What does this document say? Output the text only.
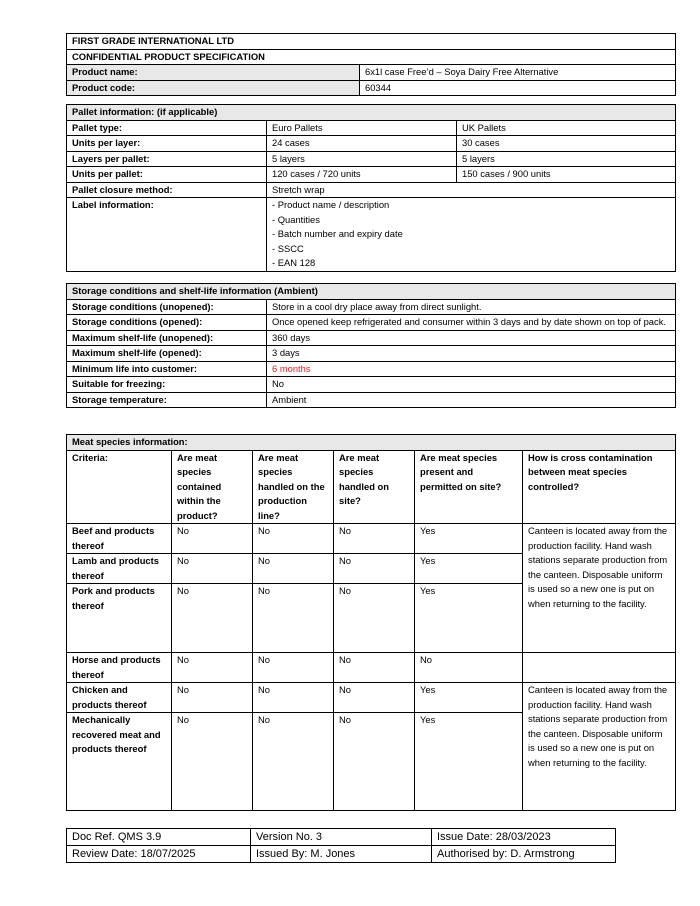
FIRST GRADE INTERNATIONAL LTD	
CONFIDENTIAL PRODUCT SPECIFICATION	
Product name:	6x1l case Free’d – Soya Dairy Free Alternative
Product code:	60344
Pallet information: (if applicable)		
Pallet type:	Euro Pallets	UK Pallets
Units per layer:	24 cases	30 cases
Layers per pallet:	5 layers	5 layers
Units per pallet:	120 cases / 720 units	150 cases / 900 units
Pallet closure method:	Stretch wrap	
Label information:	- Product name / description
- Quantities
- Batch number and expiry date
- SSCC
- EAN 128	
Storage conditions and shelf-life information (Ambient)	
Storage conditions (unopened):	Store in a cool dry place away from direct sunlight.
Storage conditions (opened):	Once opened keep refrigerated and consumer within 3 days and by date shown on top of pack.
Maximum shelf-life (unopened):	360 days
Maximum shelf-life (opened):	3 days
Minimum life into customer:	6 months
Suitable for freezing:	No
Storage temperature:	Ambient
Meat species information:					
Criteria:	Are meat species contained within the product?	Are meat species handled on the production line?	Are meat species handled on site?	Are meat species present and permitted on site?	How is cross contamination between meat species controlled?
Beef and products thereof	No	No	No	Yes	Canteen is located away from the production facility. Hand wash stations separate production from the canteen. Disposable uniform is used so a new one is put on when returning to the facility.
Lamb and products thereof	No	No	No	Yes	
Pork and products thereof	No	No	No	Yes	
Horse and products thereof	No	No	No	No	
Chicken and products thereof	No	No	No	Yes	Canteen is located away from the production facility. Hand wash stations separate production from the canteen. Disposable uniform is used so a new one is put on when returning to the facility.
Mechanically recovered meat and products thereof	No	No	No	Yes	
Doc Ref. QMS 3.9	Version No. 3	Issue Date: 28/03/2023
Review Date: 18/07/2025	Issued By: M. Jones	Authorised by: D. Armstrong
